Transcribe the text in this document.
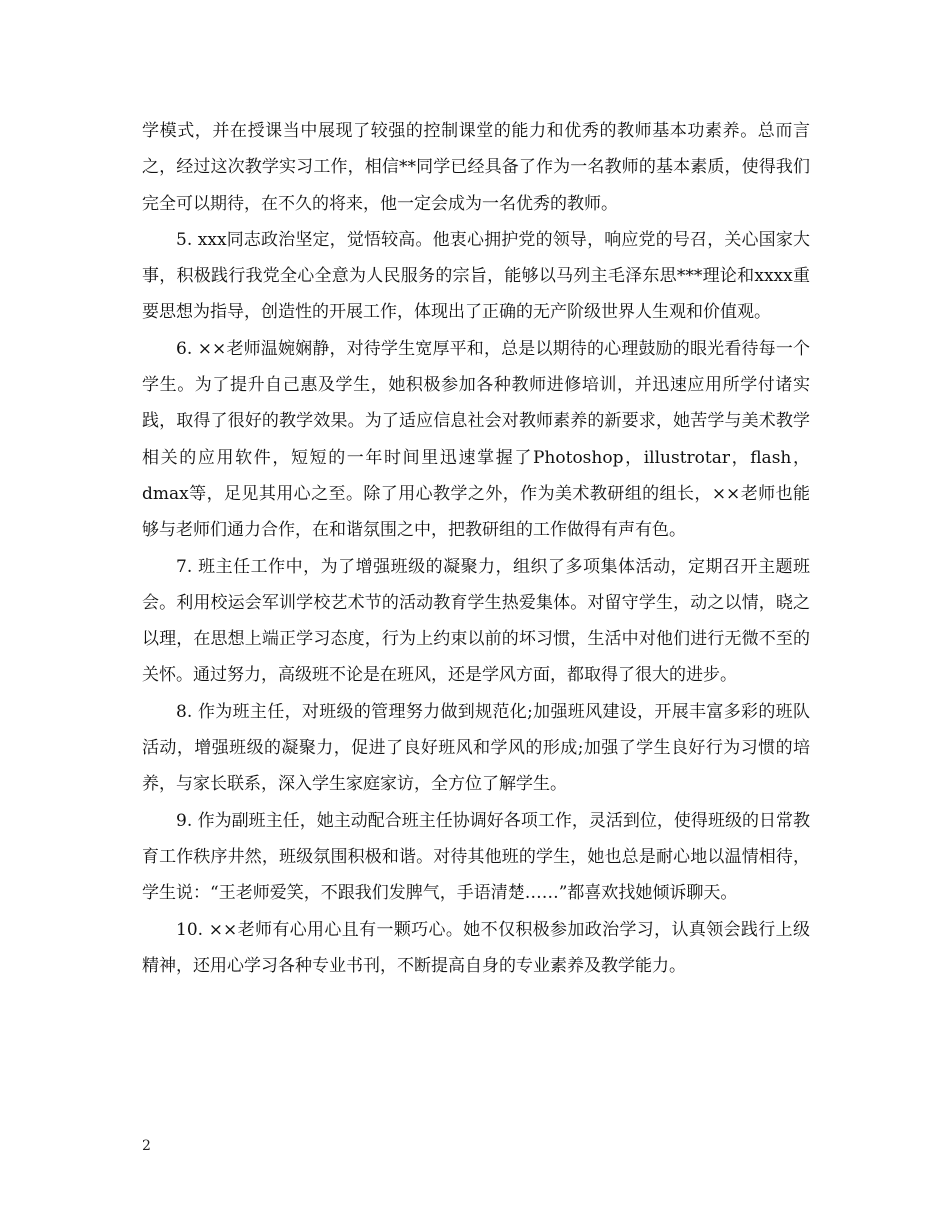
学模式，并在授课当中展现了较强的控制课堂的能力和优秀的教师基本功素养。总而言之，经过这次教学实习工作，相信**同学已经具备了作为一名教师的基本素质，使得我们完全可以期待，在不久的将来，他一定会成为一名优秀的教师。

5. xxx同志政治坚定，觉悟较高。他衷心拥护党的领导，响应党的号召，关心国家大事，积极践行我党全心全意为人民服务的宗旨，能够以马列主毛泽东思***理论和xxxx重要思想为指导，创造性的开展工作，体现出了正确的无产阶级世界人生观和价值观。

6. ××老师温婉娴静，对待学生宽厚平和，总是以期待的心理鼓励的眼光看待每一个学生。为了提升自己惠及学生，她积极参加各种教师进修培训，并迅速应用所学付诸实践，取得了很好的教学效果。为了适应信息社会对教师素养的新要求，她苦学与美术教学相关的应用软件，短短的一年时间里迅速掌握了Photoshop，illustrotar，flash，dmax等，足见其用心之至。除了用心教学之外，作为美术教研组的组长，××老师也能够与老师们通力合作，在和谐氛围之中，把教研组的工作做得有声有色。

7. 班主任工作中，为了增强班级的凝聚力，组织了多项集体活动，定期召开主题班会。利用校运会军训学校艺术节的活动教育学生热爱集体。对留守学生，动之以情，晓之以理，在思想上端正学习态度，行为上约束以前的坏习惯，生活中对他们进行无微不至的关怀。通过努力，高级班不论是在班风，还是学风方面，都取得了很大的进步。

8. 作为班主任，对班级的管理努力做到规范化;加强班风建设，开展丰富多彩的班队活动，增强班级的凝聚力，促进了良好班风和学风的形成;加强了学生良好行为习惯的培养，与家长联系，深入学生家庭家访，全方位了解学生。

9. 作为副班主任，她主动配合班主任协调好各项工作，灵活到位，使得班级的日常教育工作秩序井然，班级氛围积极和谐。对待其他班的学生，她也总是耐心地以温情相待，学生说：“王老师爱笑，不跟我们发脾气，手语清楚……”都喜欢找她倾诉聊天。

10. ××老师有心用心且有一颗巧心。她不仅积极参加政治学习，认真领会践行上级精神，还用心学习各种专业书刊，不断提高自身的专业素养及教学能力。

2
